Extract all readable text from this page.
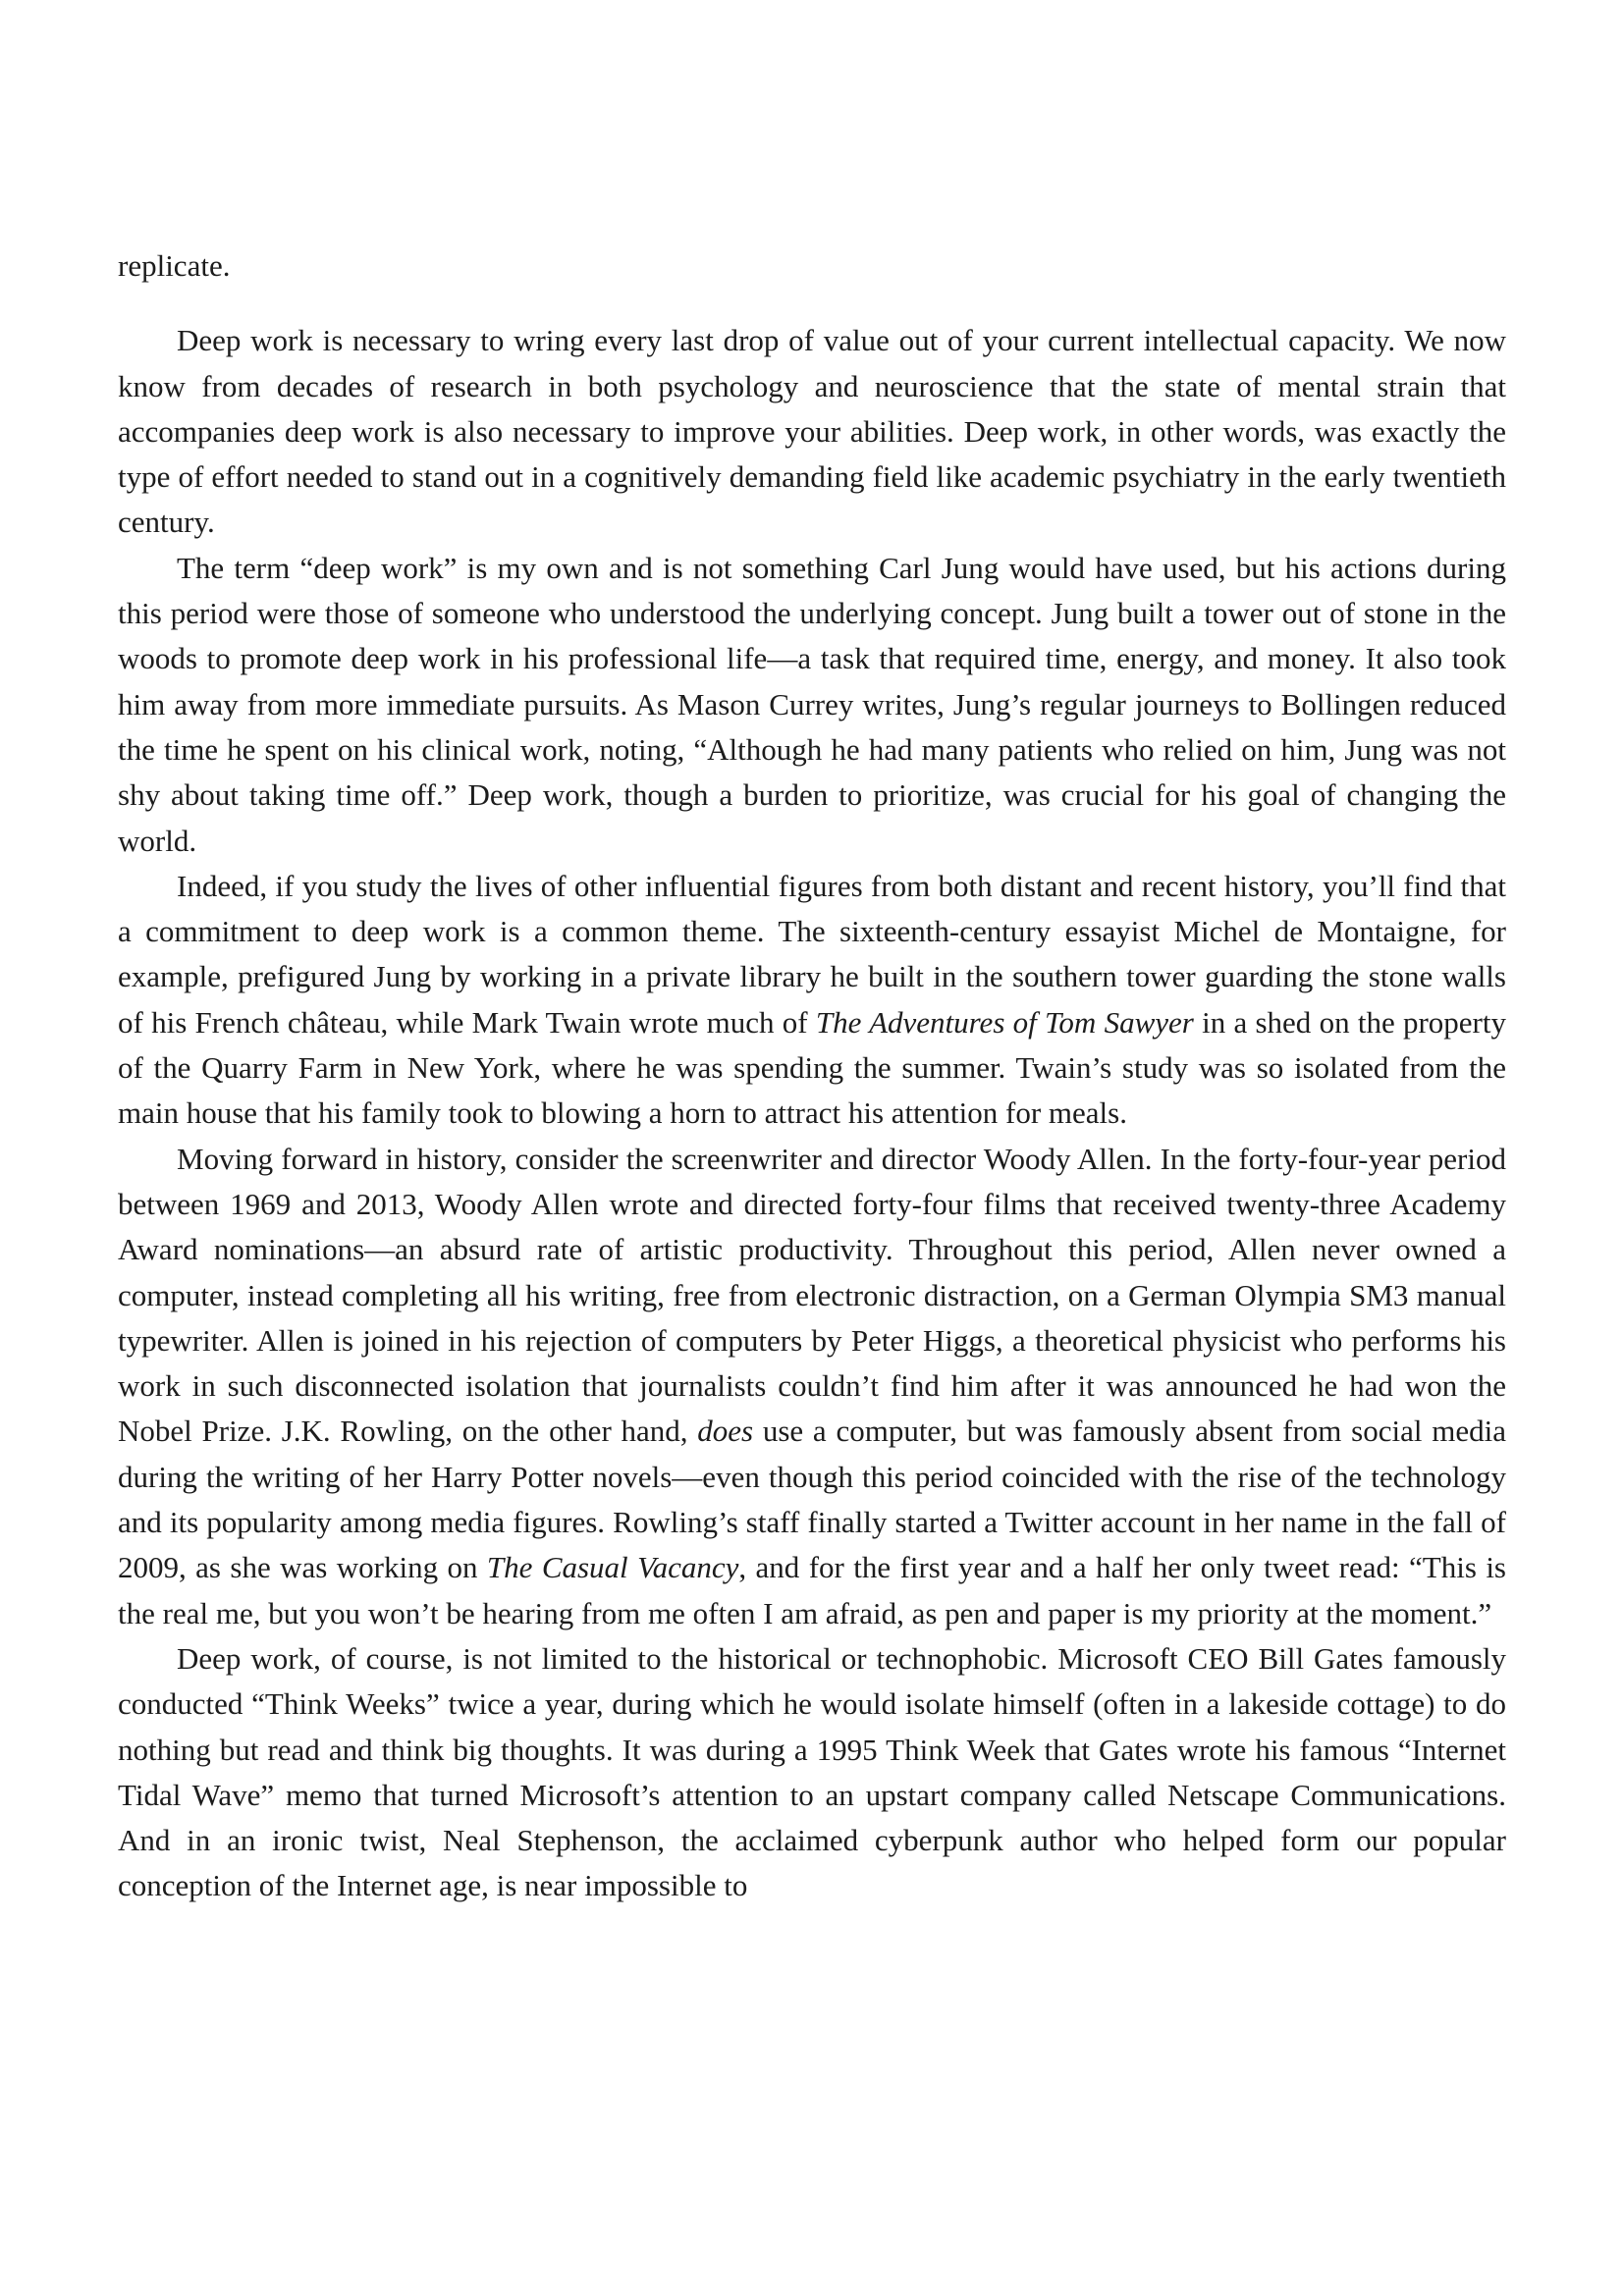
replicate.

Deep work is necessary to wring every last drop of value out of your current intellectual capacity. We now know from decades of research in both psychology and neuroscience that the state of mental strain that accompanies deep work is also necessary to improve your abilities. Deep work, in other words, was exactly the type of effort needed to stand out in a cognitively demanding field like academic psychiatry in the early twentieth century.

The term “deep work” is my own and is not something Carl Jung would have used, but his actions during this period were those of someone who understood the underlying concept. Jung built a tower out of stone in the woods to promote deep work in his professional life—a task that required time, energy, and money. It also took him away from more immediate pursuits. As Mason Currey writes, Jung’s regular journeys to Bollingen reduced the time he spent on his clinical work, noting, “Although he had many patients who relied on him, Jung was not shy about taking time off.” Deep work, though a burden to prioritize, was crucial for his goal of changing the world.

Indeed, if you study the lives of other influential figures from both distant and recent history, you’ll find that a commitment to deep work is a common theme. The sixteenth-century essayist Michel de Montaigne, for example, prefigured Jung by working in a private library he built in the southern tower guarding the stone walls of his French château, while Mark Twain wrote much of The Adventures of Tom Sawyer in a shed on the property of the Quarry Farm in New York, where he was spending the summer. Twain’s study was so isolated from the main house that his family took to blowing a horn to attract his attention for meals.

Moving forward in history, consider the screenwriter and director Woody Allen. In the forty-four-year period between 1969 and 2013, Woody Allen wrote and directed forty-four films that received twenty-three Academy Award nominations—an absurd rate of artistic productivity. Throughout this period, Allen never owned a computer, instead completing all his writing, free from electronic distraction, on a German Olympia SM3 manual typewriter. Allen is joined in his rejection of computers by Peter Higgs, a theoretical physicist who performs his work in such disconnected isolation that journalists couldn’t find him after it was announced he had won the Nobel Prize. J.K. Rowling, on the other hand, does use a computer, but was famously absent from social media during the writing of her Harry Potter novels—even though this period coincided with the rise of the technology and its popularity among media figures. Rowling’s staff finally started a Twitter account in her name in the fall of 2009, as she was working on The Casual Vacancy, and for the first year and a half her only tweet read: “This is the real me, but you won’t be hearing from me often I am afraid, as pen and paper is my priority at the moment.”

Deep work, of course, is not limited to the historical or technophobic. Microsoft CEO Bill Gates famously conducted “Think Weeks” twice a year, during which he would isolate himself (often in a lakeside cottage) to do nothing but read and think big thoughts. It was during a 1995 Think Week that Gates wrote his famous “Internet Tidal Wave” memo that turned Microsoft’s attention to an upstart company called Netscape Communications. And in an ironic twist, Neal Stephenson, the acclaimed cyberpunk author who helped form our popular conception of the Internet age, is near impossible to
